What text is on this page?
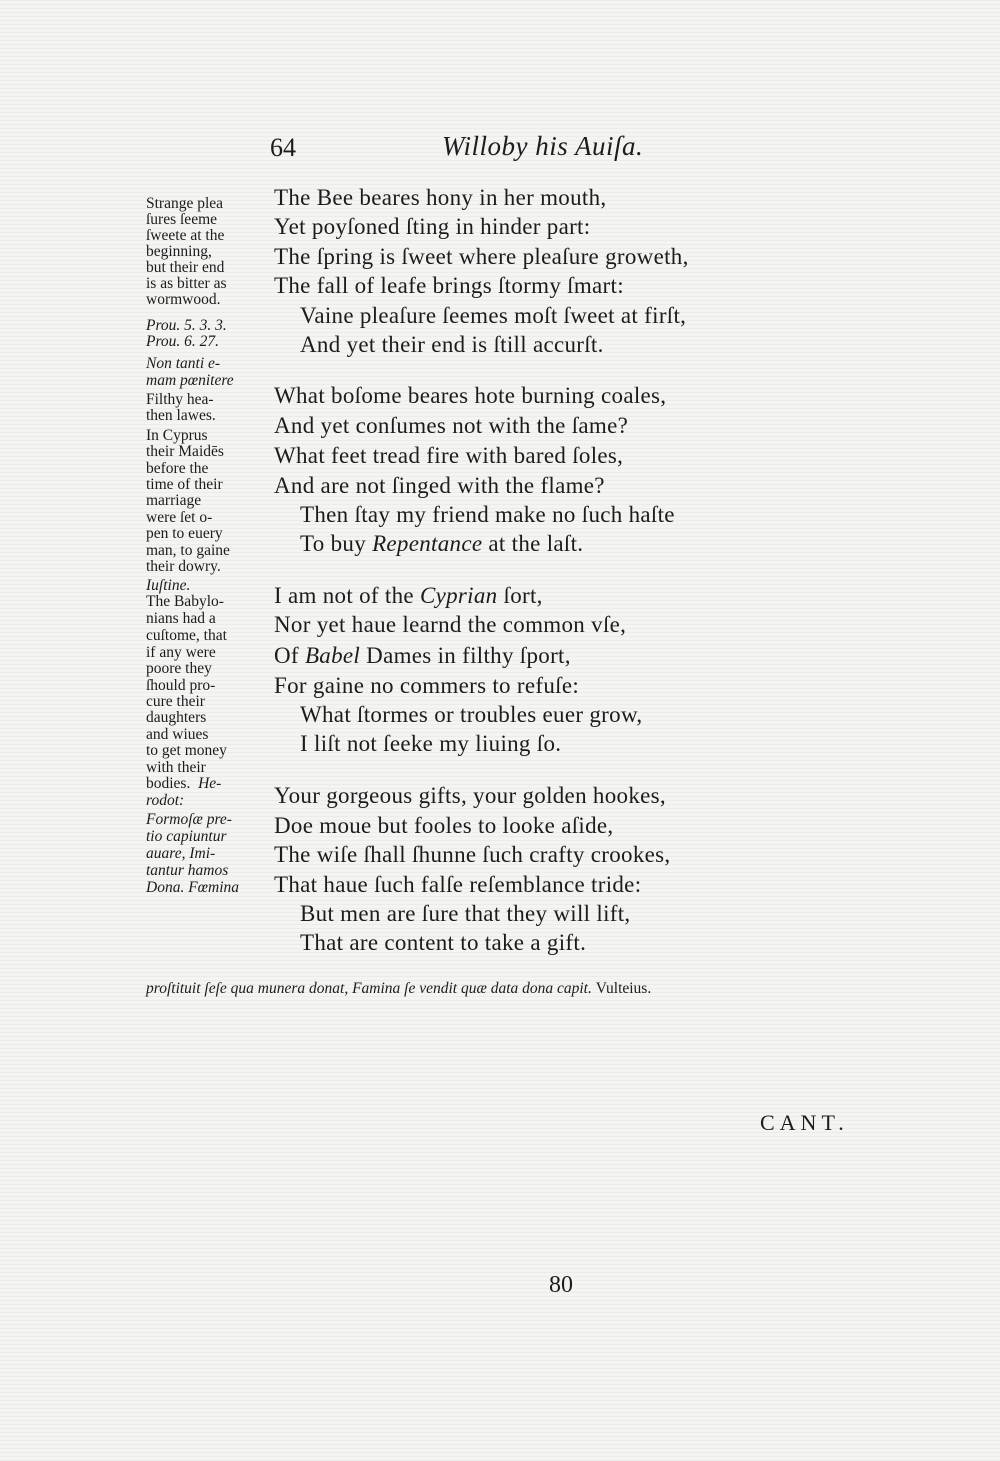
64	Willoby his Auiſa.
The Bee beares hony in her mouth,
Yet poyſoned ſting in hinder part:
The ſpring is ſweet where pleaſure groweth,
The fall of leafe brings ſtormy ſmart:
Vaine pleaſure ſeemes moſt ſweet at firſt,
And yet their end is ſtill accurſt.
What boſome beares hote burning coales,
And yet conſumes not with the ſame?
What feet tread fire with bared ſoles,
And are not ſinged with the flame?
Then ſtay my friend make no ſuch haſte
To buy Repentance at the laſt.
I am not of the Cyprian ſort,
Nor yet haue learnd the common vſe,
Of Babel Dames in filthy ſport,
For gaine no commers to refuſe:
What ſtormes or troubles euer grow,
I liſt not ſeeke my liuing ſo.
Your gorgeous gifts, your golden hookes,
Doe moue but fooles to looke aſide,
The wiſe ſhall ſhunne ſuch crafty crookes,
That haue ſuch falſe reſemblance tride:
But men are ſure that they will lift,
That are content to take a gift.
Strange plea
ſures ſeeme
ſweete at the
beginning,
but their end
is as bitter as
wormwood.
Prou. 5. 3. 3.
Prou. 6. 27.
Non tanti e-
mam pœnitere
Filthy hea-
then lawes.
In Cyprus
their Maidēs
before the
time of their
marriage
were ſet o-
pen to euery
man, to gaine
their dowry.
Iuſtine.
The Babylo-
nians had a
cuſtome, that
if any were
poore they
ſhould pro-
cure their
daughters
and wiues
to get money
with their
bodies. He-
rodot:
Formoſæ pre-
tio capiuntur
auare, Imi-
tantur hamos
Dona. Fœmina
proſtituit ſeſe qua munera donat, Famina ſe vendit quæ data dona capit. Vulteius.
CANT.
80
